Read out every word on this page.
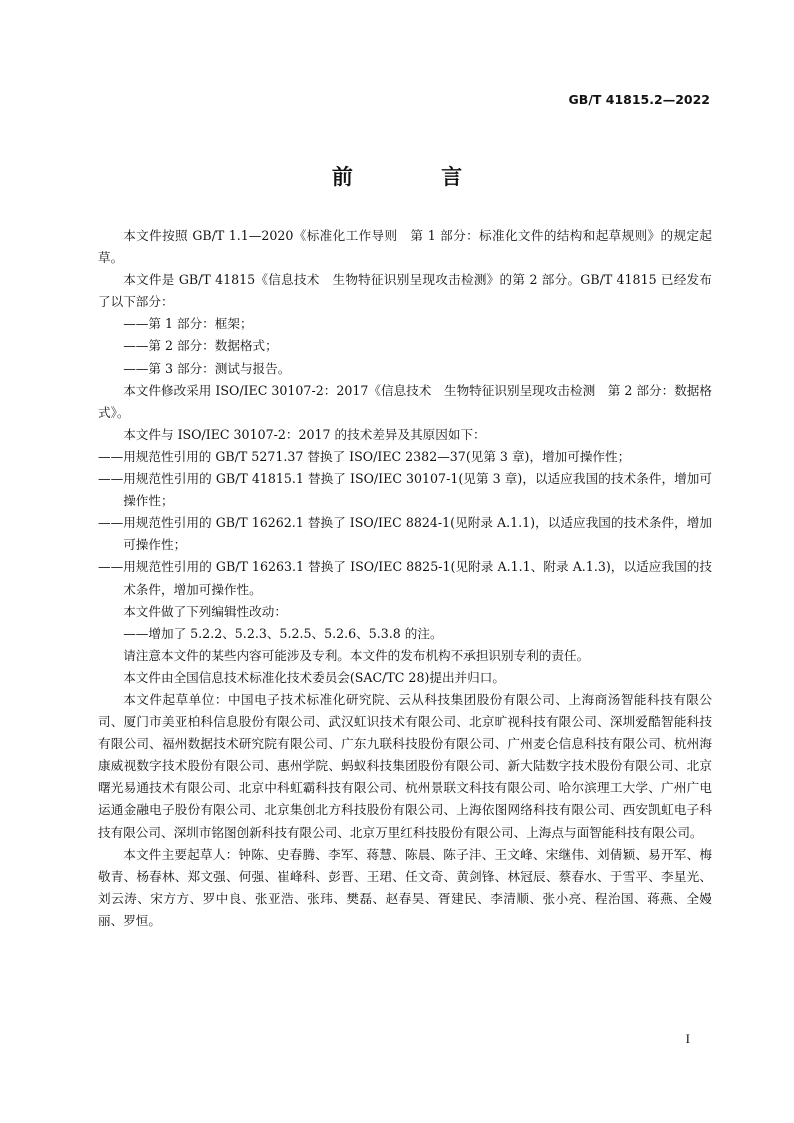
GB/T 41815.2—2022
前　言

本文件按照 GB/T 1.1—2020《标准化工作导则　第 1 部分：标准化文件的结构和起草规则》的规定起草。

本文件是 GB/T 41815《信息技术　生物特征识别呈现攻击检测》的第 2 部分。GB/T 41815 已经发布了以下部分：

——第 1 部分：框架；

——第 2 部分：数据格式；

——第 3 部分：测试与报告。

本文件修改采用 ISO/IEC 30107-2：2017《信息技术　生物特征识别呈现攻击检测　第 2 部分：数据格式》。

本文件与 ISO/IEC 30107-2：2017 的技术差异及其原因如下：

——用规范性引用的 GB/T 5271.37 替换了 ISO/IEC 2382—37(见第 3 章)，增加可操作性；

——用规范性引用的 GB/T 41815.1 替换了 ISO/IEC 30107-1(见第 3 章)，以适应我国的技术条件，增加可操作性；

——用规范性引用的 GB/T 16262.1 替换了 ISO/IEC 8824-1(见附录 A.1.1)，以适应我国的技术条件，增加可操作性；

——用规范性引用的 GB/T 16263.1 替换了 ISO/IEC 8825-1(见附录 A.1.1、附录 A.1.3)，以适应我国的技术条件，增加可操作性。

本文件做了下列编辑性改动：

——增加了 5.2.2、5.2.3、5.2.5、5.2.6、5.3.8 的注。

请注意本文件的某些内容可能涉及专利。本文件的发布机构不承担识别专利的责任。

本文件由全国信息技术标准化技术委员会(SAC/TC 28)提出并归口。

本文件起草单位：中国电子技术标准化研究院、云从科技集团股份有限公司、上海商汤智能科技有限公司、厦门市美亚柏科信息股份有限公司、武汉虹识技术有限公司、北京旷视科技有限公司、深圳爱酷智能科技有限公司、福州数据技术研究院有限公司、广东九联科技股份有限公司、广州麦仑信息科技有限公司、杭州海康威视数字技术股份有限公司、惠州学院、蚂蚁科技集团股份有限公司、新大陆数字技术股份有限公司、北京曙光易通技术有限公司、北京中科虹霸科技有限公司、杭州景联文科技有限公司、哈尔滨理工大学、广州广电运通金融电子股份有限公司、北京集创北方科技股份有限公司、上海依图网络科技有限公司、西安凯虹电子科技有限公司、深圳市铭图创新科技有限公司、北京万里红科技股份有限公司、上海点与面智能科技有限公司。

本文件主要起草人：钟陈、史春腾、李军、蒋慧、陈晨、陈子沣、王文峰、宋继伟、刘倩颖、易开军、梅敬青、杨春林、郑文强、何强、崔峰科、彭晋、王珺、任文奇、黄剑锋、林冠辰、蔡春水、于雪平、李星光、刘云涛、宋方方、罗中良、张亚浩、张玮、樊磊、赵春昊、胥建民、李清顺、张小亮、程治国、蒋燕、全嫚丽、罗恒。

I
